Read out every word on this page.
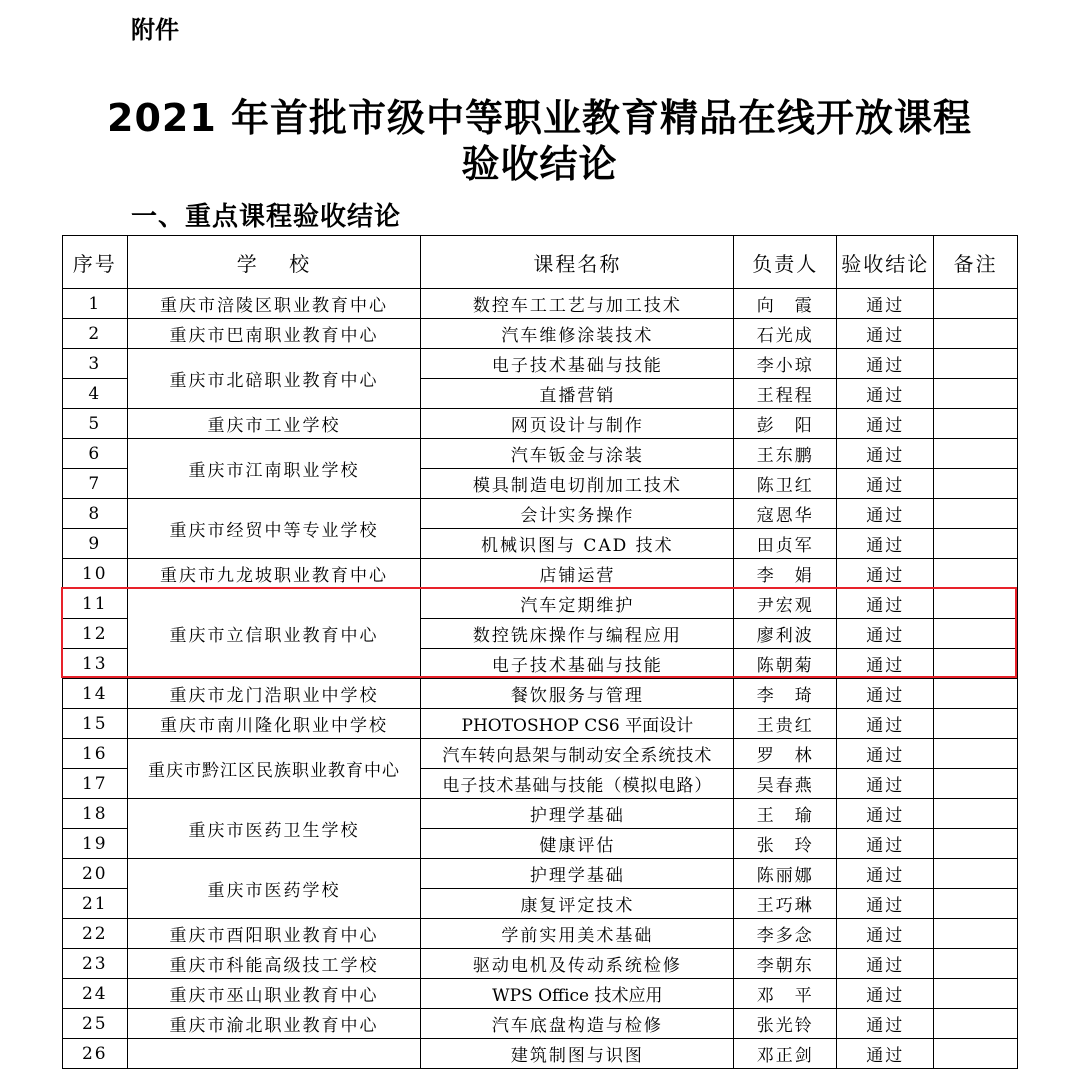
附件
2021 年首批市级中等职业教育精品在线开放课程
验收结论
一、重点课程验收结论
序号	学　 校	课程名称	负责人	验收结论	备注
1	重庆市涪陵区职业教育中心	数控车工工艺与加工技术	向　霞	通过	
2	重庆市巴南职业教育中心	汽车维修涂装技术	石光成	通过	
3	重庆市北碚职业教育中心	电子技术基础与技能	李小琼	通过	
4		直播营销	王程程	通过	
5	重庆市工业学校	网页设计与制作	彭　阳	通过	
6	重庆市江南职业学校	汽车钣金与涂装	王东鹏	通过	
7		模具制造电切削加工技术	陈卫红	通过	
8	重庆市经贸中等专业学校	会计实务操作	寇恩华	通过	
9		机械识图与 CAD 技术	田贞军	通过	
10	重庆市九龙坡职业教育中心	店铺运营	李　娟	通过	
11	重庆市立信职业教育中心	汽车定期维护	尹宏观	通过	
12		数控铣床操作与编程应用	廖利波	通过	
13		电子技术基础与技能	陈朝菊	通过	
14	重庆市龙门浩职业中学校	餐饮服务与管理	李　琦	通过	
15	重庆市南川隆化职业中学校	PHOTOSHOP CS6 平面设计	王贵红	通过	
16	重庆市黔江区民族职业教育中心	汽车转向悬架与制动安全系统技术	罗　林	通过	
17		电子技术基础与技能（模拟电路）	吴春燕	通过	
18	重庆市医药卫生学校	护理学基础	王　瑜	通过	
19		健康评估	张　玲	通过	
20	重庆市医药学校	护理学基础	陈丽娜	通过	
21		康复评定技术	王巧琳	通过	
22	重庆市酉阳职业教育中心	学前实用美术基础	李多念	通过	
23	重庆市科能高级技工学校	驱动电机及传动系统检修	李朝东	通过	
24	重庆市巫山职业教育中心	WPS Office 技术应用	邓　平	通过	
25	重庆市渝北职业教育中心	汽车底盘构造与检修	张光铃	通过	
26		建筑制图与识图	邓正剑	通过	
